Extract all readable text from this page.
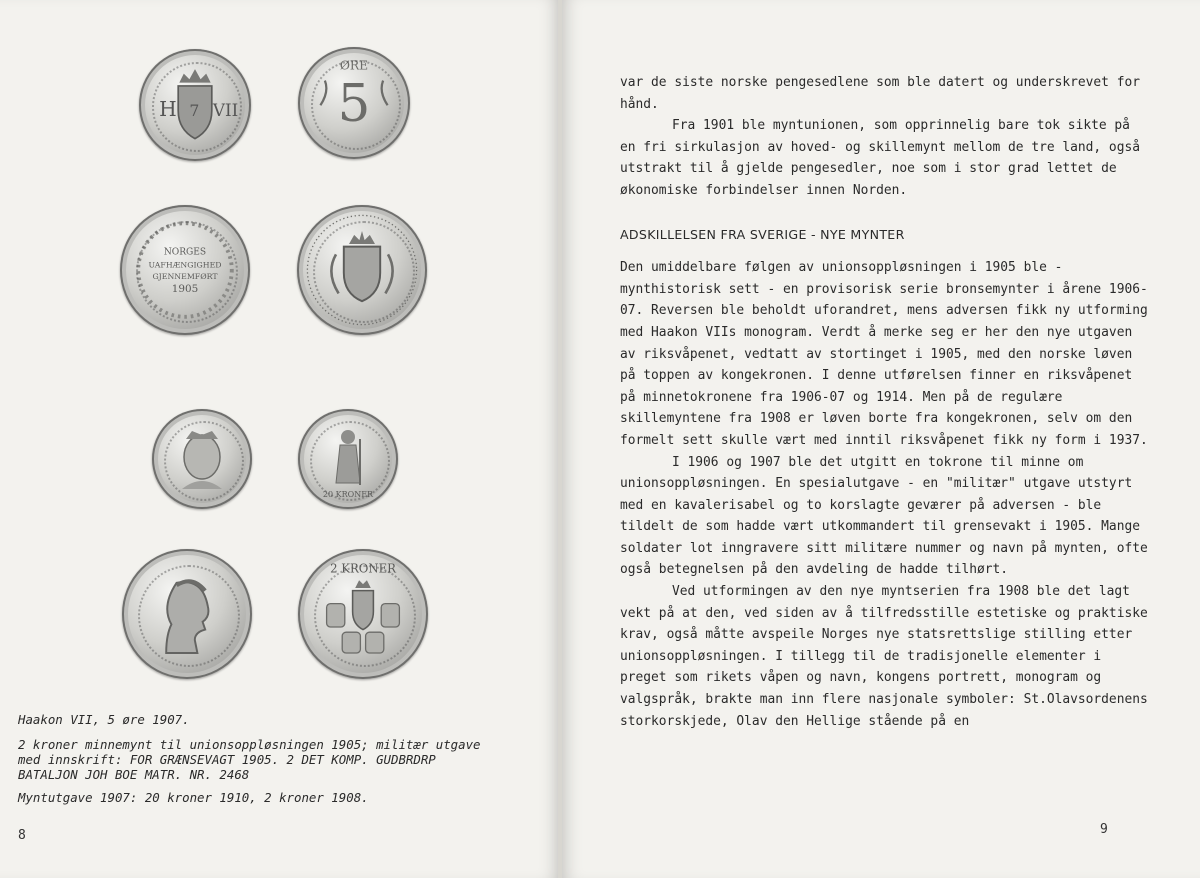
H VII
7	5
ØRE
NORGES
UAFHÆNGIGHED
GJENNEMFØRT
1905
20 KRONER
2 KRONER

Haakon VII, 5 øre 1907.

2 kroner minnemynt til unionsoppløsningen 1905; militær utgave med innskrift: FOR GRÆNSEVAGT 1905. 2 DET KOMP. GUDBRDRP BATALJON JOH BOE MATR. NR. 2468

Myntutgave 1907: 20 kroner 1910, 2 kroner 1908.

8

var de siste norske pengesedlene som ble datert og underskrevet for hånd.

Fra 1901 ble myntunionen, som opprinnelig bare tok sikte på en fri sirkulasjon av hoved- og skillemynt mellom de tre land, også utstrakt til å gjelde pengesedler, noe som i stor grad lettet de økonomiske forbindelser innen Norden.

ADSKILLELSEN FRA SVERIGE - NYE MYNTER

Den umiddelbare følgen av unionsoppløsningen i 1905 ble - mynthistorisk sett - en provisorisk serie bronsemynter i årene 1906-07. Reversen ble beholdt uforandret, mens adversen fikk ny utforming med Haakon VIIs monogram. Verdt å merke seg er her den nye utgaven av riksvåpenet, vedtatt av stortinget i 1905, med den norske løven på toppen av kongekronen. I denne utførelsen finner en riksvåpenet på minnetokronene fra 1906-07 og 1914. Men på de regulære skillemyntene fra 1908 er løven borte fra kongekronen, selv om den formelt sett skulle vært med inntil riksvåpenet fikk ny form i 1937.

I 1906 og 1907 ble det utgitt en tokrone til minne om unionsoppløsningen. En spesialutgave - en "militær" utgave utstyrt med en kavalerisabel og to korslagte geværer på adversen - ble tildelt de som hadde vært utkommandert til grensevakt i 1905. Mange soldater lot inngravere sitt militære nummer og navn på mynten, ofte også betegnelsen på den avdeling de hadde tilhørt.

Ved utformingen av den nye myntserien fra 1908 ble det lagt vekt på at den, ved siden av å tilfredsstille estetiske og praktiske krav, også måtte avspeile Norges nye statsrettslige stilling etter unionsoppløsningen. I tillegg til de tradisjonelle elementer i preget som rikets våpen og navn, kongens portrett, monogram og valgspråk, brakte man inn flere nasjonale symboler: St.Olavsordenens storkorskjede, Olav den Hellige stående på en

9
